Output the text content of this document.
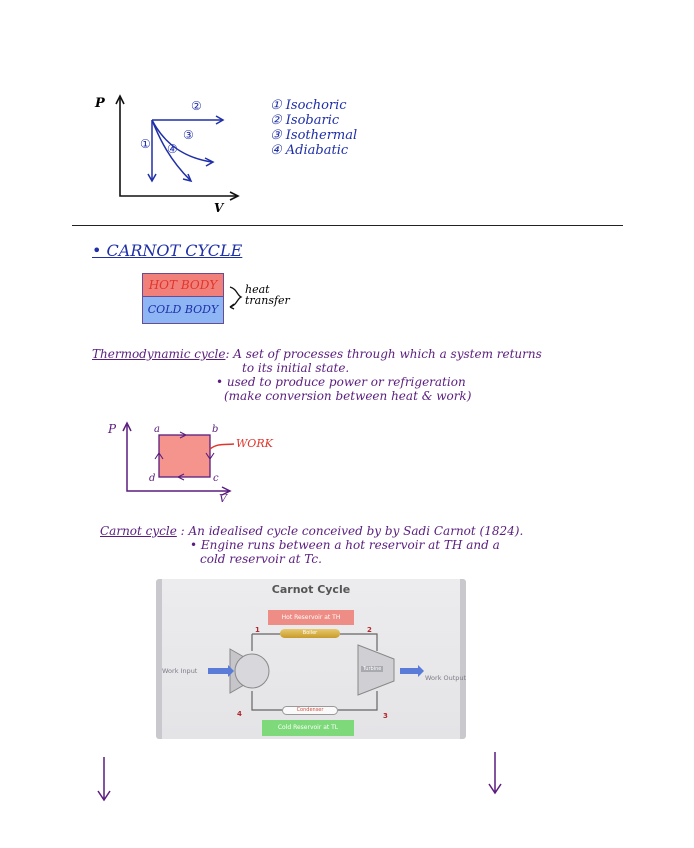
P
V
②
①
③
④
① Isochoric
② Isobaric
③ Isothermal
④ Adiabatic
• CARNOT CYCLE
HOT BODY
COLD BODY
heat
transfer
Thermodynamic cycle: A set of processes through which a system returns
to its initial state.
• used to produce power or refrigeration
(make conversion between heat & work)
P
V
a	b
c
d
WORK
Carnot cycle : An idealised cycle conceived by by Sadi Carnot (1824).
• Engine runs between a hot reservoir at TH and a
cold reservoir at Tc.
Carnot Cycle
Hot Reservoir at TH
Boiler
Condenser
Cold Reservoir at TL
Turbine
Work Input
Work Output
1	2
3
4
